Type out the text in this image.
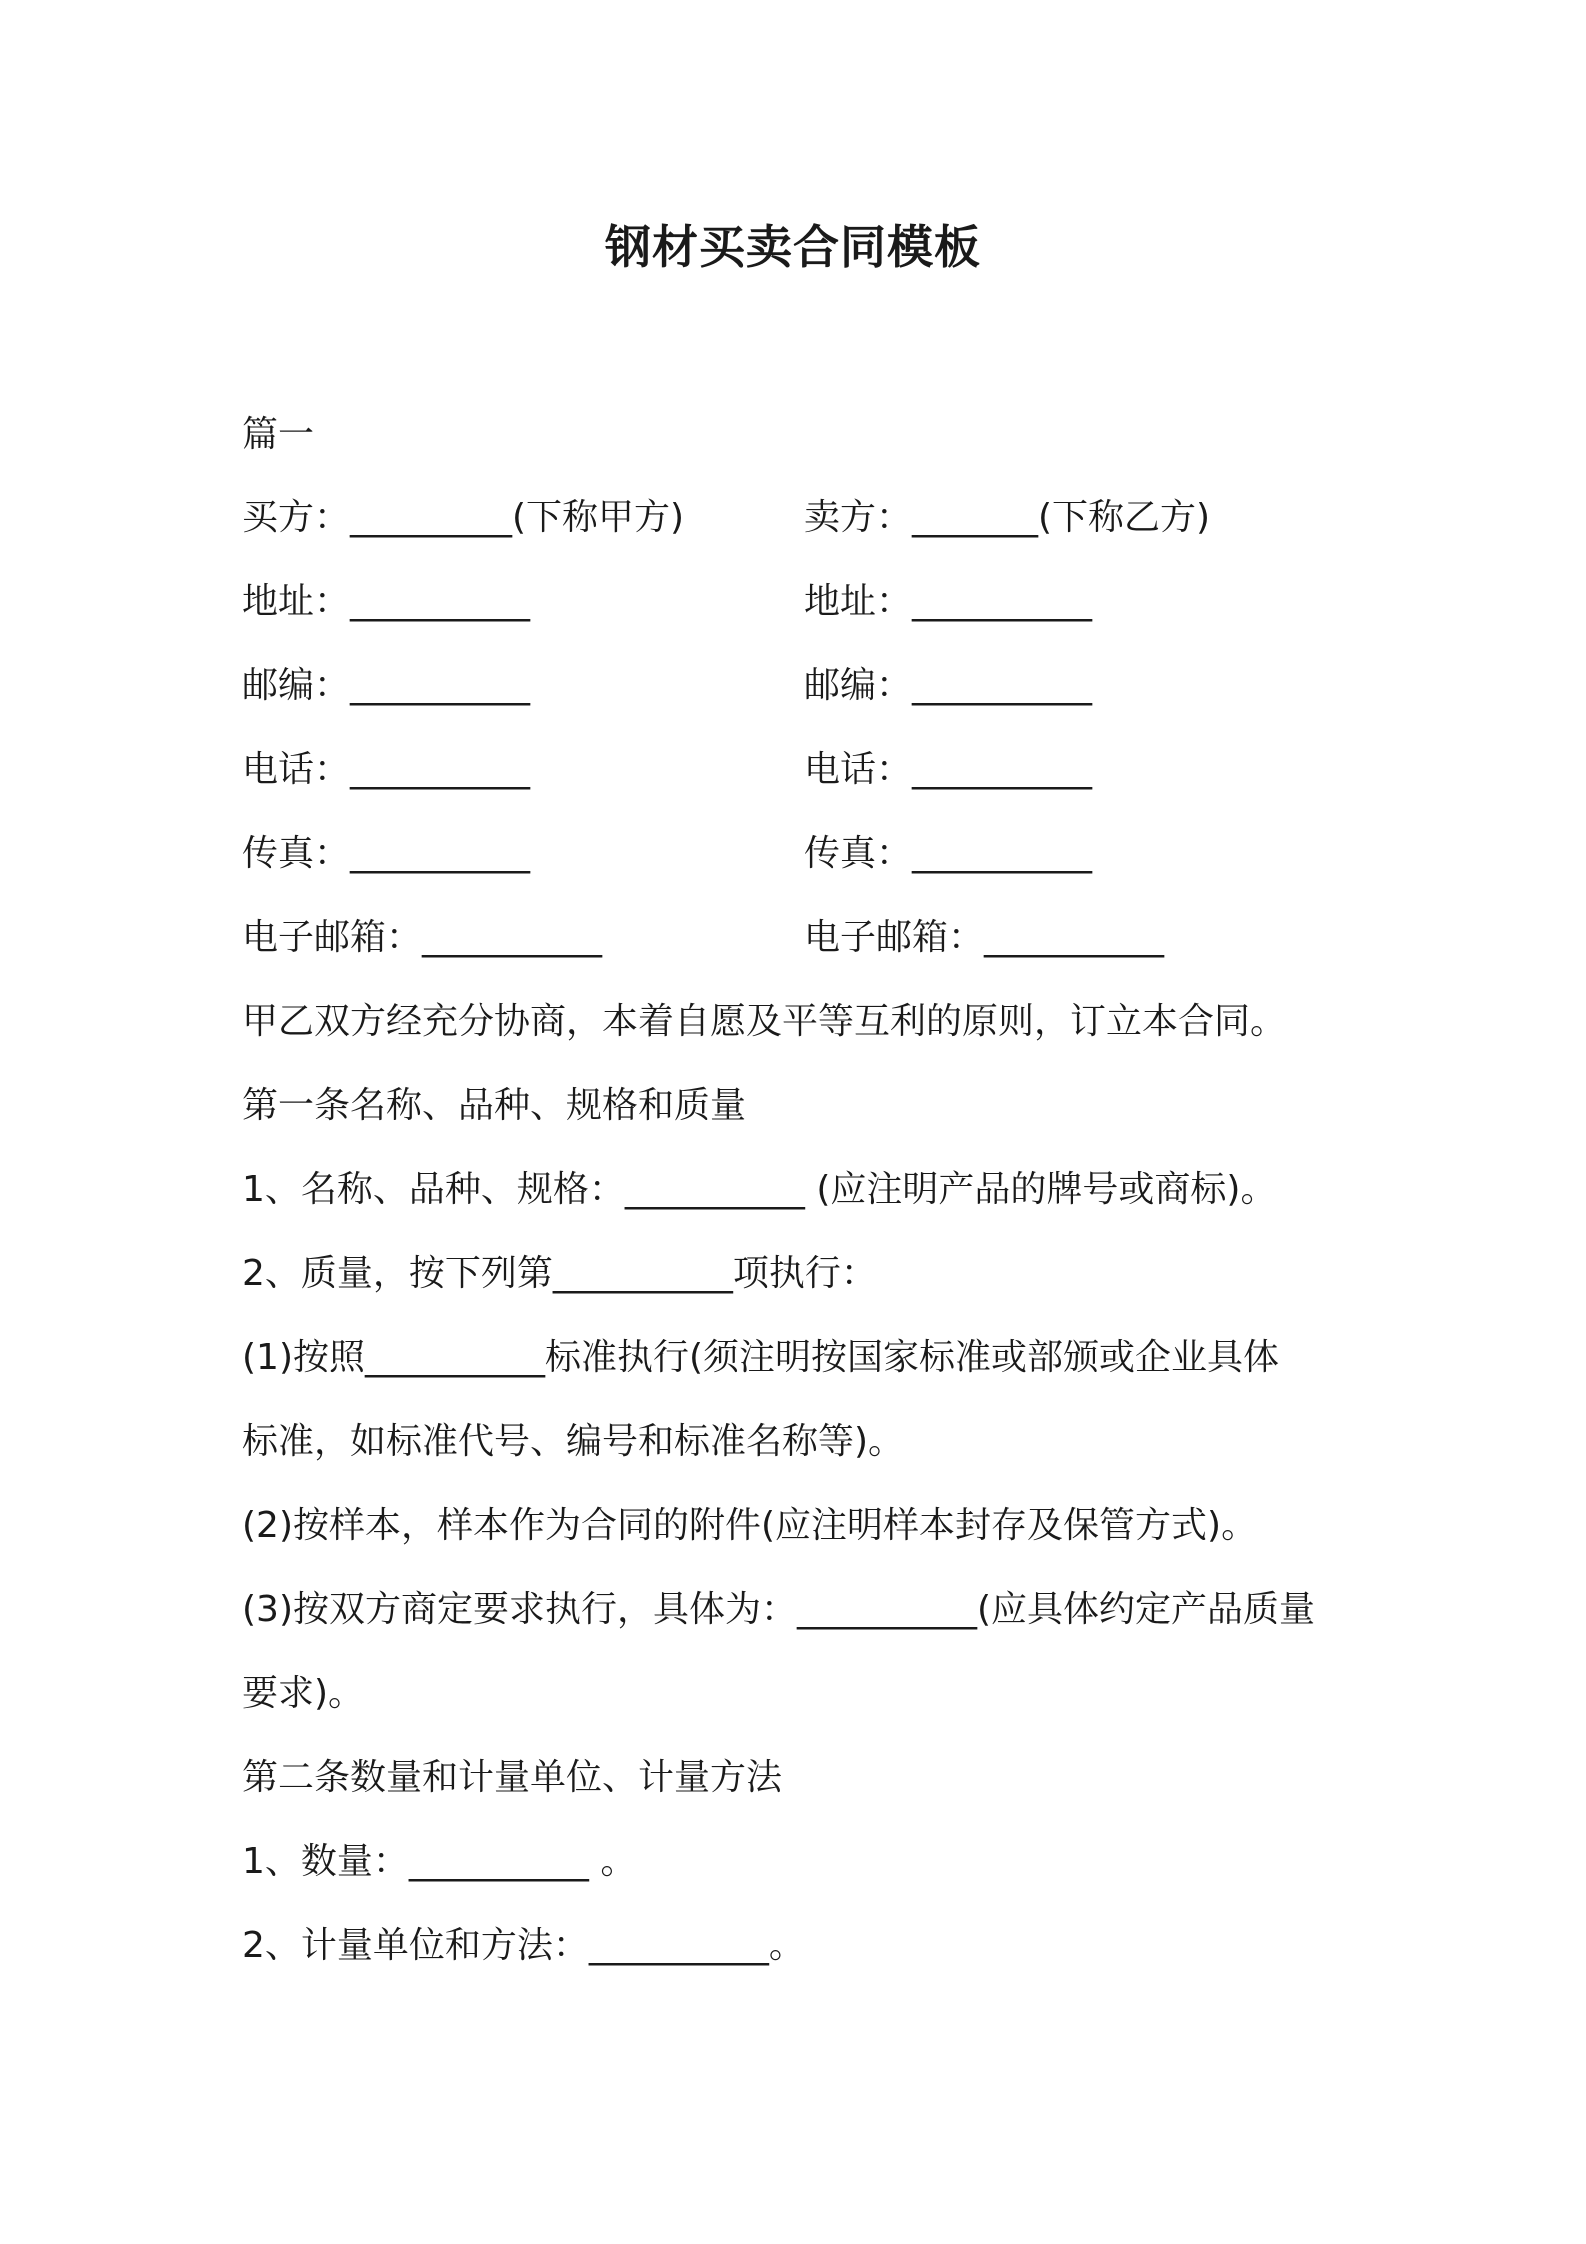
钢材买卖合同模板
篇一
买方：_________(下称甲方)	卖方：_______(下称乙方)
地址：__________	地址：__________
邮编：__________	邮编：__________
电话：__________	电话：__________
传真：__________	传真：__________
电子邮箱：__________	电子邮箱：__________
甲乙双方经充分协商，本着自愿及平等互利的原则，订立本合同。
第一条名称、品种、规格和质量
1、名称、品种、规格：__________ (应注明产品的牌号或商标)。
2、质量，按下列第__________项执行：
(1)按照__________标准执行(须注明按国家标准或部颁或企业具体
标准，如标准代号、编号和标准名称等)。
(2)按样本，样本作为合同的附件(应注明样本封存及保管方式)。
(3)按双方商定要求执行，具体为：__________(应具体约定产品质量
要求)。
第二条数量和计量单位、计量方法
1、数量：__________ 。
2、计量单位和方法：__________。
